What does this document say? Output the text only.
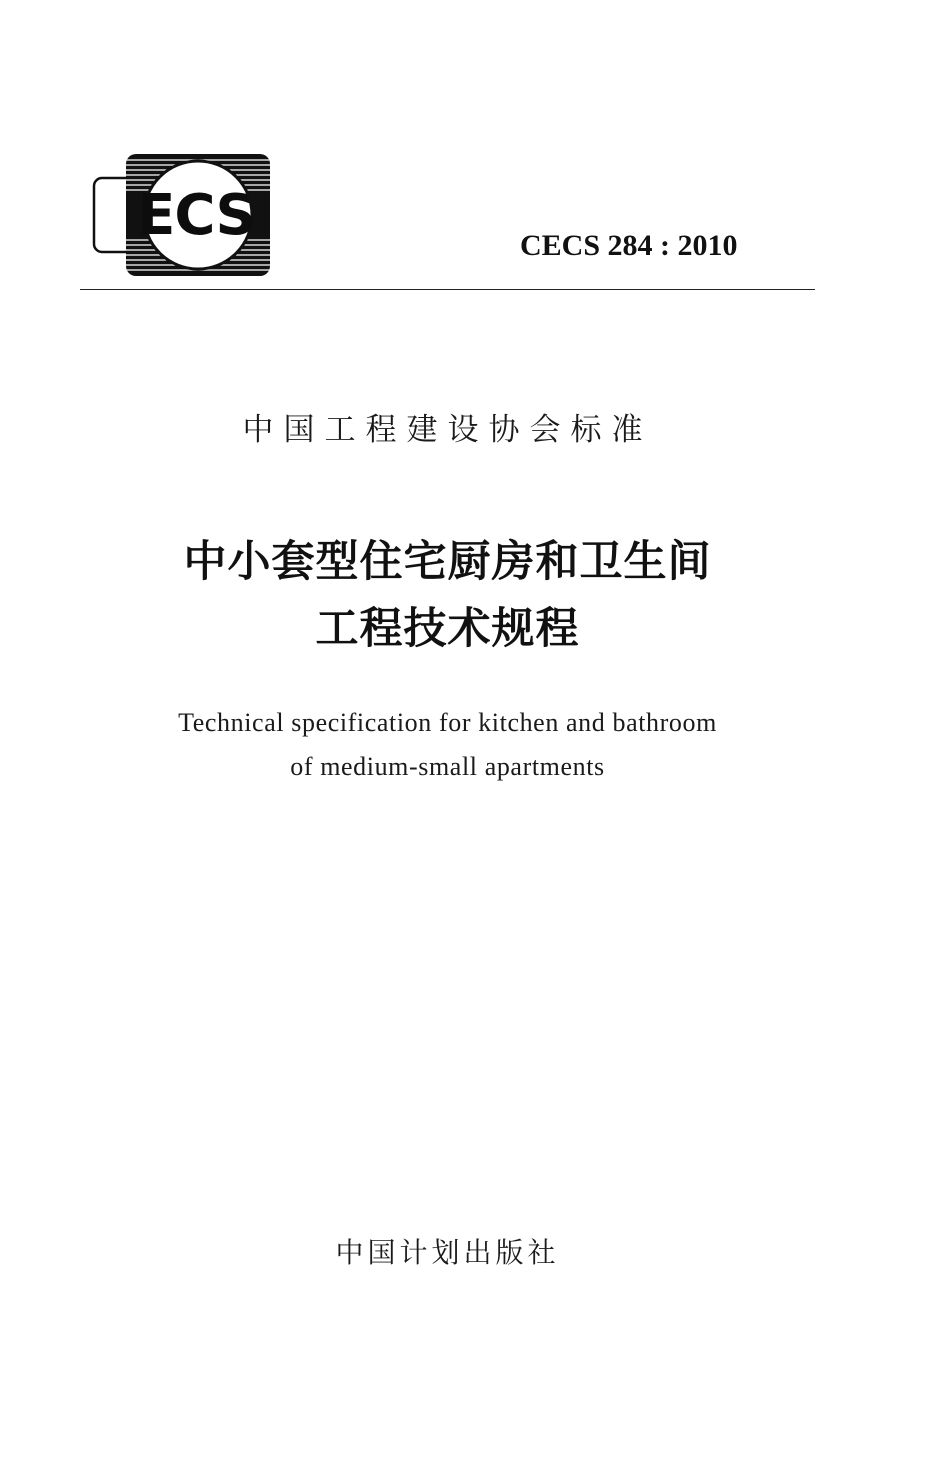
ECS	CECS 284 : 2010
中国工程建设协会标准
中小套型住宅厨房和卫生间
工程技术规程
Technical specification for kitchen and bathroom
of medium-small apartments
中国计划出版社
